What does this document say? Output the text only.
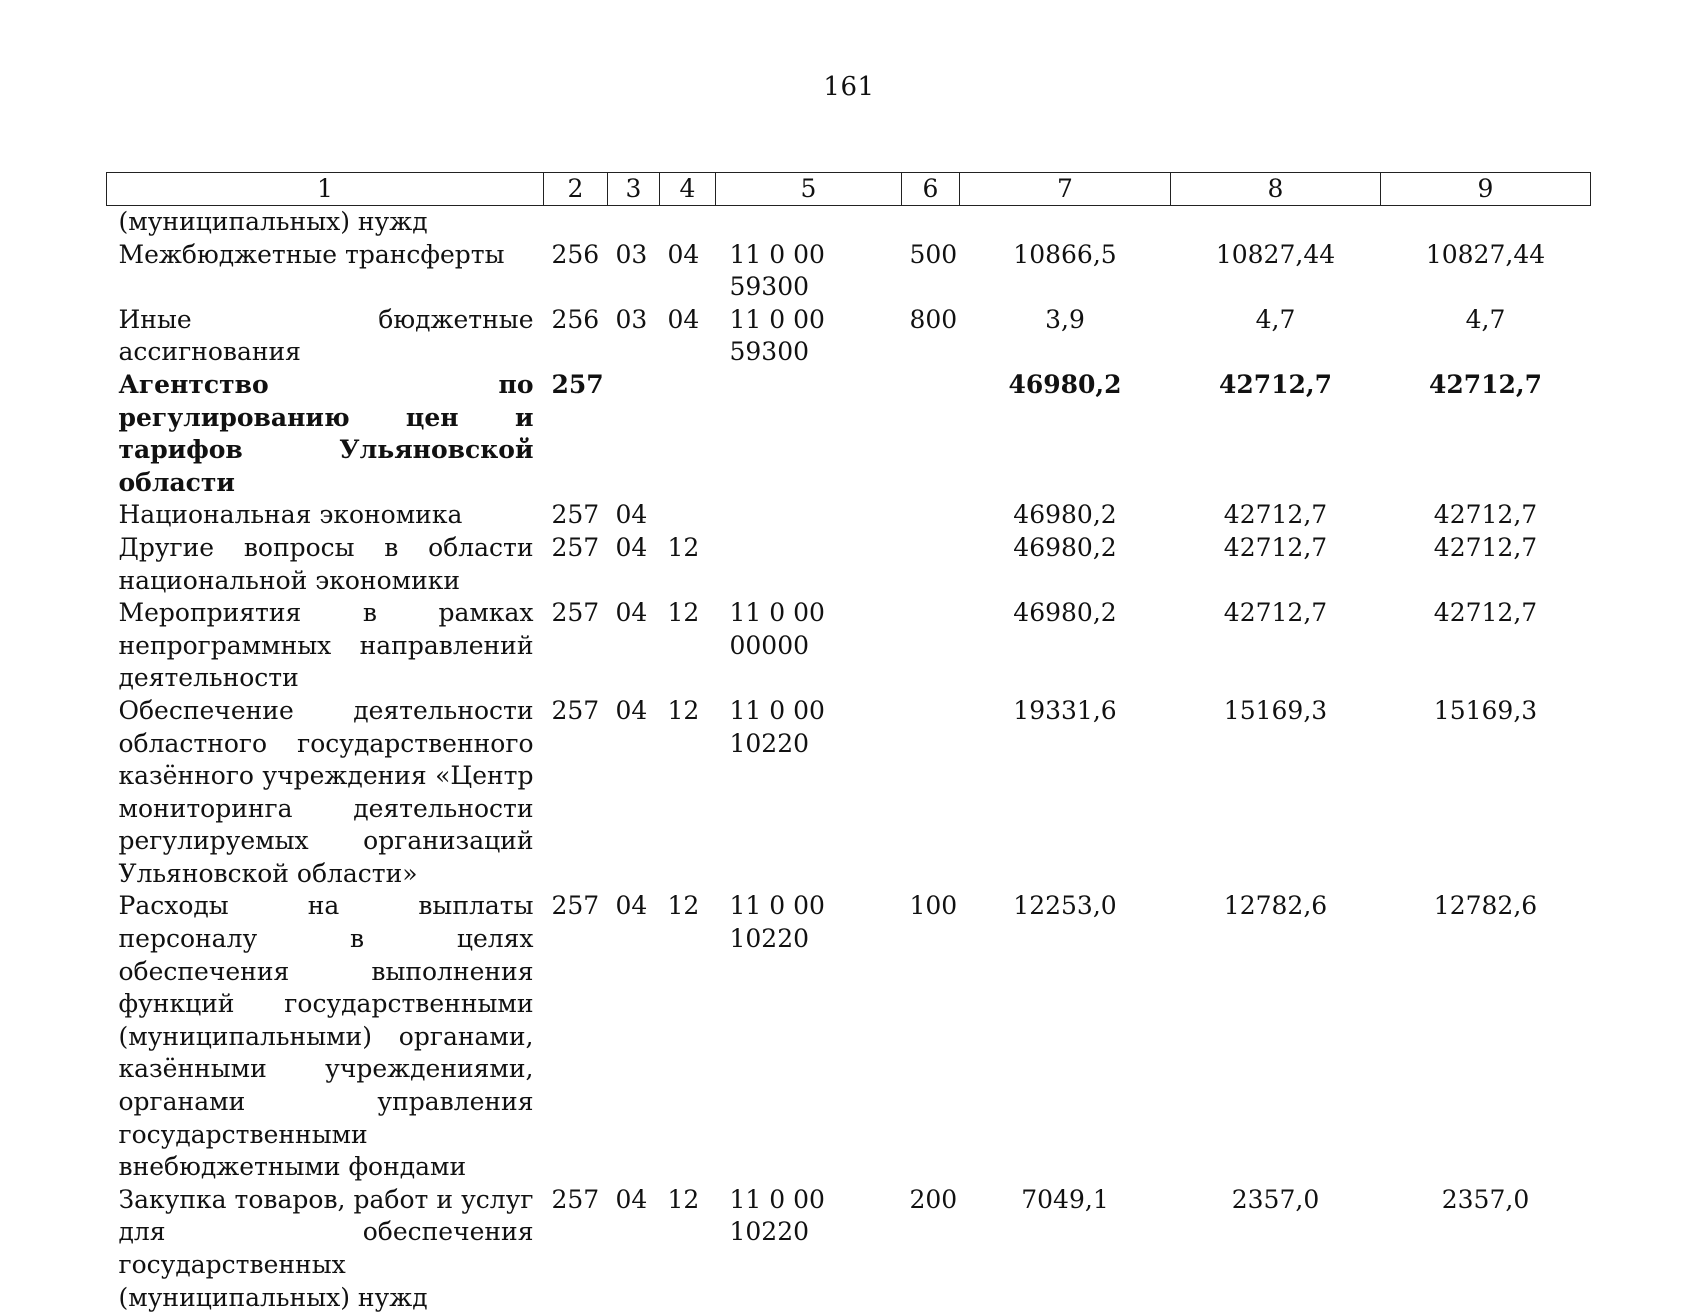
161
1	2	3	4	5	6	7	8	9
(муниципальных) нужд								
Межбюджетные трансферты	256	03	04	11 0 00 59300	500	10866,5	10827,44	10827,44
Иные бюджетные ассигнования	256	03	04	11 0 00 59300	800	3,9	4,7	4,7
Агентство по регулированию цен и тарифов Ульяновской области	257					46980,2	42712,7	42712,7
Национальная экономика	257	04				46980,2	42712,7	42712,7
Другие вопросы в области национальной экономики	257	04	12			46980,2	42712,7	42712,7
Мероприятия в рамках непрограммных направлений деятельности	257	04	12	11 0 00 00000		46980,2	42712,7	42712,7
Обеспечение деятельности областного государственного казённого учреждения «Центр мониторинга деятельности регулируемых организаций Ульяновской области»	257	04	12	11 0 00 10220		19331,6	15169,3	15169,3
Расходы на выплаты персоналу в целях обеспечения выполнения функций государственными (муниципальными) органами, казёнными учреждениями, органами управления государственными внебюджетными фондами	257	04	12	11 0 00 10220	100	12253,0	12782,6	12782,6
Закупка товаров, работ и услуг для обеспечения государственных (муниципальных) нужд	257	04	12	11 0 00 10220	200	7049,1	2357,0	2357,0
